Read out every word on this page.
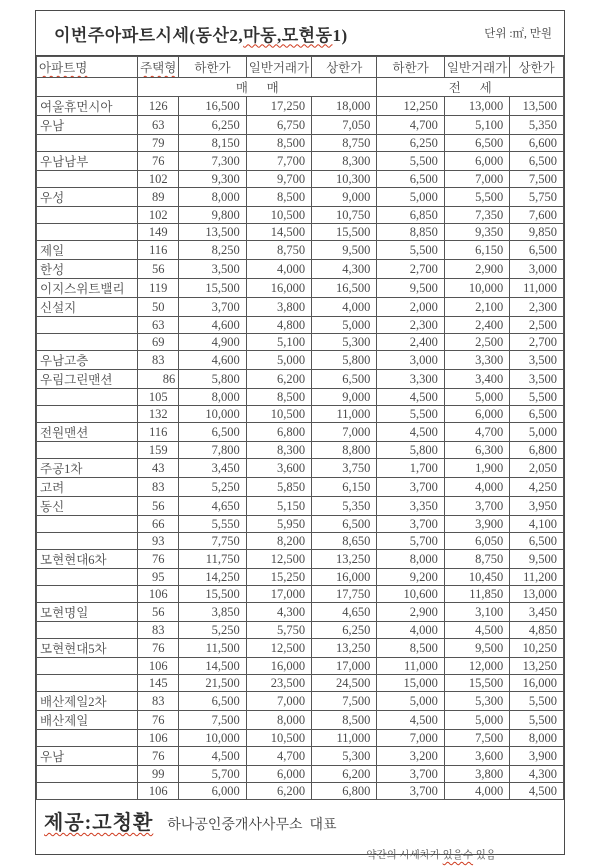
이번주아파트시세(동산2,마동,모현동1)	단위 :㎡, 만원
아파트명	주택형	하한가	일반거래가	상한가	하한가	일반거래가	상한가
	매      매				전      세		
여울휴먼시아	126	16,500	17,250	18,000	12,250	13,000	13,500
우남	63	6,250	6,750	7,050	4,700	5,100	5,350
	79	8,150	8,500	8,750	6,250	6,500	6,600
우남남부	76	7,300	7,700	8,300	5,500	6,000	6,500
	102	9,300	9,700	10,300	6,500	7,000	7,500
우성	89	8,000	8,500	9,000	5,000	5,500	5,750
	102	9,800	10,500	10,750	6,850	7,350	7,600
	149	13,500	14,500	15,500	8,850	9,350	9,850
제일	116	8,250	8,750	9,500	5,500	6,150	6,500
한성	56	3,500	4,000	4,300	2,700	2,900	3,000
이지스위트밸리	119	15,500	16,000	16,500	9,500	10,000	11,000
신설지	50	3,700	3,800	4,000	2,000	2,100	2,300
	63	4,600	4,800	5,000	2,300	2,400	2,500
	69	4,900	5,100	5,300	2,400	2,500	2,700
우남고층	83	4,600	5,000	5,800	3,000	3,300	3,500
우림그린맨션	86	5,800	6,200	6,500	3,300	3,400	3,500
	105	8,000	8,500	9,000	4,500	5,000	5,500
	132	10,000	10,500	11,000	5,500	6,000	6,500
전원맨션	116	6,500	6,800	7,000	4,500	4,700	5,000
	159	7,800	8,300	8,800	5,800	6,300	6,800
주공1차	43	3,450	3,600	3,750	1,700	1,900	2,050
고려	83	5,250	5,850	6,150	3,700	4,000	4,250
동신	56	4,650	5,150	5,350	3,350	3,700	3,950
	66	5,550	5,950	6,500	3,700	3,900	4,100
	93	7,750	8,200	8,650	5,700	6,050	6,500
모현현대6차	76	11,750	12,500	13,250	8,000	8,750	9,500
	95	14,250	15,250	16,000	9,200	10,450	11,200
	106	15,500	17,000	17,750	10,600	11,850	13,000
모현명일	56	3,850	4,300	4,650	2,900	3,100	3,450
	83	5,250	5,750	6,250	4,000	4,500	4,850
모현현대5차	76	11,500	12,500	13,250	8,500	9,500	10,250
	106	14,500	16,000	17,000	11,000	12,000	13,250
	145	21,500	23,500	24,500	15,000	15,500	16,000
배산제일2차	83	6,500	7,000	7,500	5,000	5,300	5,500
배산제일	76	7,500	8,000	8,500	4,500	5,000	5,500
	106	10,000	10,500	11,000	7,000	7,500	8,000
우남	76	4,500	4,700	5,300	3,200	3,600	3,900
	99	5,700	6,000	6,200	3,700	3,800	4,300
	106	6,000	6,200	6,800	3,700	4,000	4,500
제공:고청환 하나공인중개사사무소  대표
약간의 시세차가 있을수 있음
